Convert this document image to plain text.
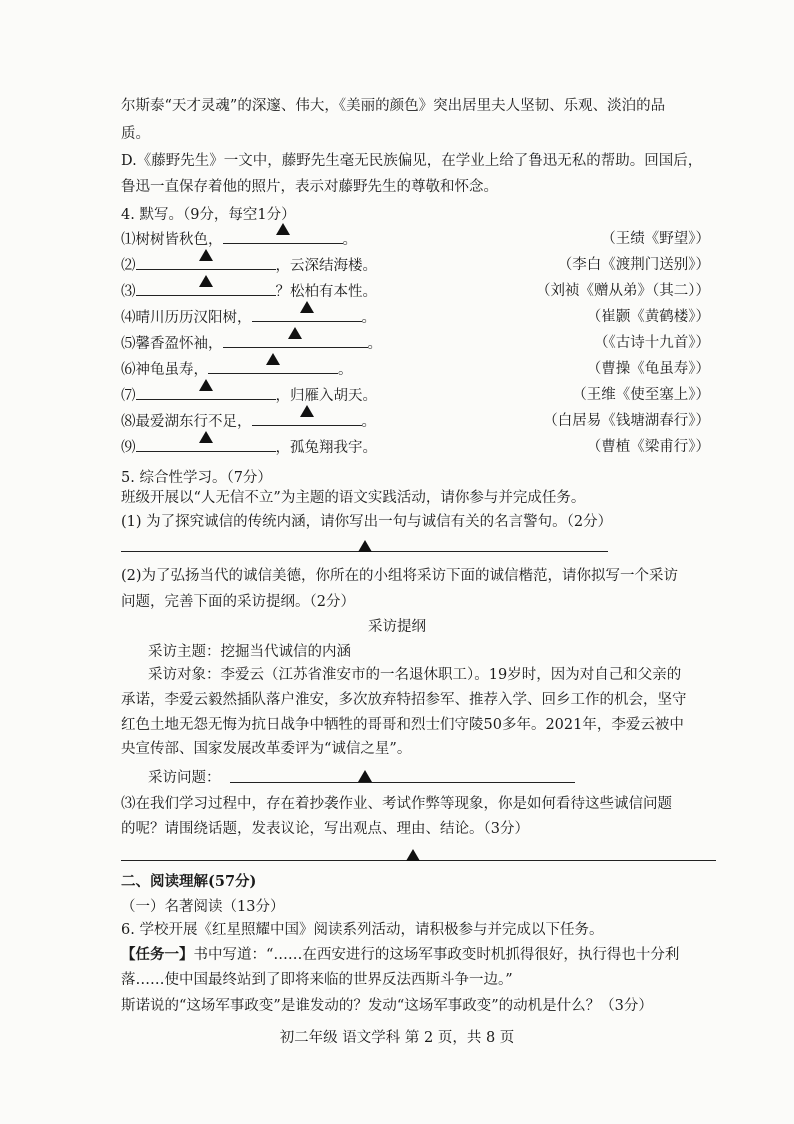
尔斯泰“天才灵魂”的深邃、伟大，《美丽的颜色》突出居里夫人坚韧、乐观、淡泊的品
质。
D.《藤野先生》一文中，藤野先生毫无民族偏见，在学业上给了鲁迅无私的帮助。回国后，
鲁迅一直保存着他的照片，表示对藤野先生的尊敬和怀念。
4. 默写。（9分，每空1分）
⑴树树皆秋色，	。	（王绩《野望》）
⑵	，云深结海楼。	（李白《渡荆门送别》）
⑶	？松柏有本性。	（刘祯《赠从弟》（其二））
⑷晴川历历汉阳树，	。	（崔颢《黄鹤楼》）
⑸馨香盈怀袖，	。	（《古诗十九首》）
⑹神龟虽寿，	。	（曹操《龟虽寿》）
⑺	，归雁入胡天。	（王维《使至塞上》）
⑻最爱湖东行不足，	。	（白居易《钱塘湖春行》）
⑼	，孤兔翔我宇。	（曹植《梁甫行》）
5. 综合性学习。（7分）
班级开展以“人无信不立”为主题的语文实践活动，请你参与并完成任务。
(1) 为了探究诚信的传统内涵，请你写出一句与诚信有关的名言警句。（2分）
(2)为了弘扬当代的诚信美德，你所在的小组将采访下面的诚信楷范，请你拟写一个采访
问题，完善下面的采访提纲。（2分）
采访提纲
采访主题：挖掘当代诚信的内涵
采访对象：李爱云（江苏省淮安市的一名退休职工）。19岁时，因为对自己和父亲的
承诺，李爱云毅然插队落户淮安，多次放弃特招参军、推荐入学、回乡工作的机会，坚守
红色土地无怨无悔为抗日战争中牺牲的哥哥和烈士们守陵50多年。2021年，李爱云被中
央宣传部、国家发展改革委评为“诚信之星”。
采访问题：
⑶在我们学习过程中，存在着抄袭作业、考试作弊等现象，你是如何看待这些诚信问题
的呢？请围绕话题，发表议论，写出观点、理由、结论。（3分）
二、阅读理解(57分)
（一）名著阅读（13分）
6. 学校开展《红星照耀中国》阅读系列活动，请积极参与并完成以下任务。
【任务一】书中写道：“……在西安进行的这场军事政变时机抓得很好，执行得也十分利
落……使中国最终站到了即将来临的世界反法西斯斗争一边。”
斯诺说的“这场军事政变”是谁发动的？发动“这场军事政变”的动机是什么？（3分）
初二年级 语文学科 第 2 页，共 8 页
